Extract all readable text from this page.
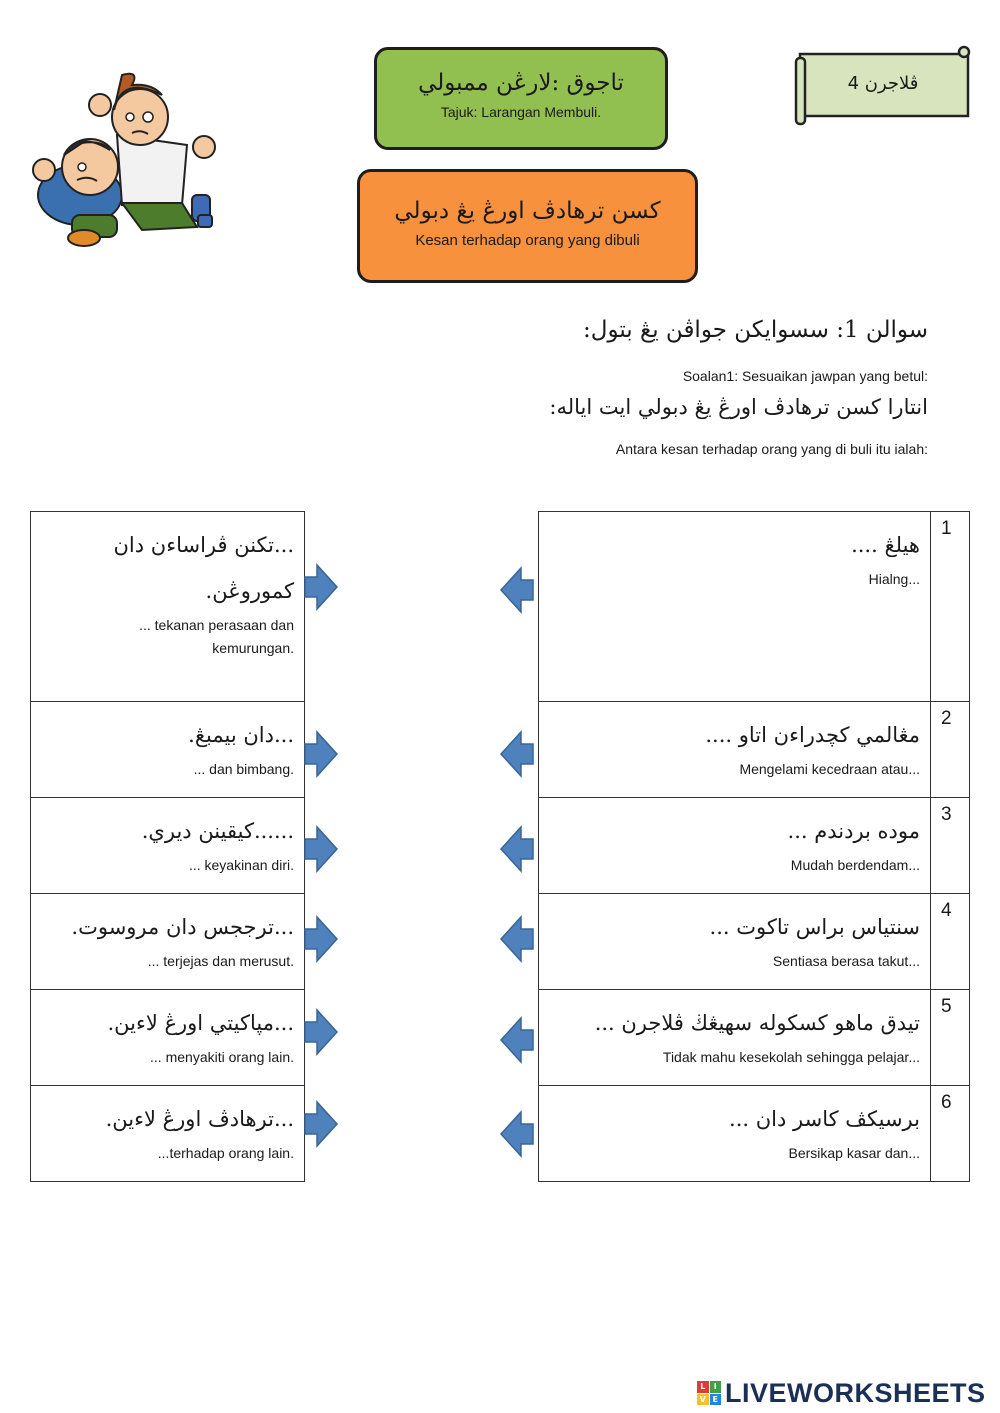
تاجوق :لارڠن ممبولي
Tajuk: Larangan Membuli.
کسن ترهادڤ اورڠ يڠ دبولي
Kesan terhadap orang yang dibuli
ڤلاجرن 4
سوالن 1: سسوايکن جواڤن يڠ بتول:
Soalan1: Sesuaikan jawpan yang betul:
انتارا کسن ترهادڤ اورڠ يڠ دبولي ايت اياله:
Antara kesan terhadap orang yang di buli itu ialah:
...تکنن ڤراساءن دان
کموروڠن.
... tekanan perasaan dan
kemurungan.
...دان بيمبڠ.
... dan bimbang.
......کيقينن ديري.
... keyakinan diri.
...ترججس دان مروسوت.
... terjejas dan merusut.
...مڽاکيتي اورڠ لاءين.
... menyakiti orang lain.
...ترهادڤ اورڠ لاءين.
...terhadap orang lain.
هيلڠ ....
Hialng...
1
مڠالمي کچدراءن اتاو ....
Mengelami kecedraan atau...
2
موده بردندم ...
Mudah berdendam...
3
سنتياس براس تاکوت ...
Sentiasa berasa takut...
4
تيدق ماهو کسکوله سهيڠڬ ڤلاجرن ...
Tidak mahu kesekolah sehingga pelajar...
5
برسيکڤ کاسر دان ...
Bersikap kasar dan...
6
L	I
V E LIVEWORKSHEETS
